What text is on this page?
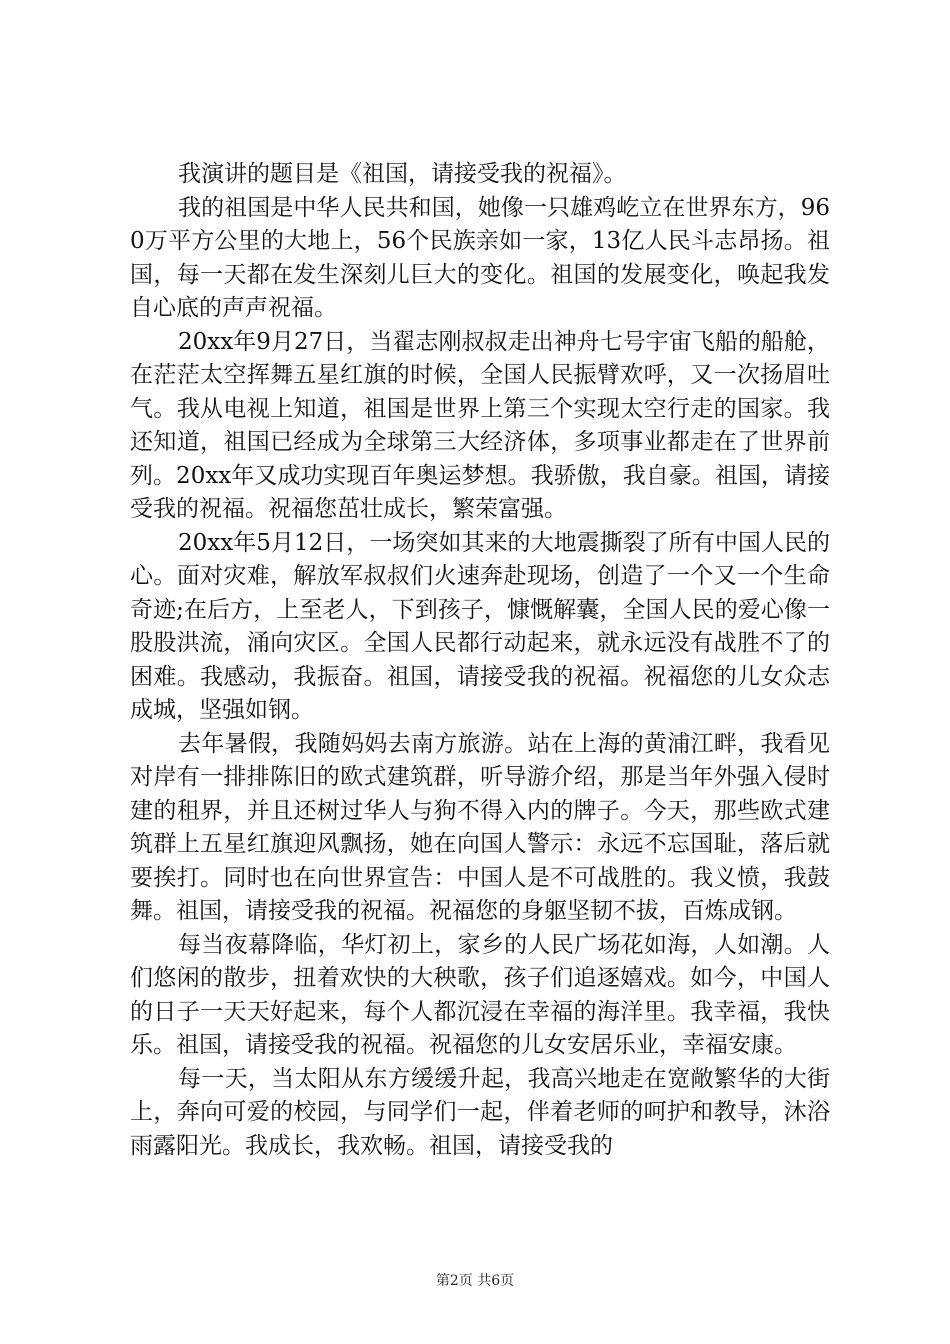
我演讲的题目是《祖国，请接受我的祝福》。

我的祖国是中华人民共和国，她像一只雄鸡屹立在世界东方，960万平方公里的大地上，56个民族亲如一家，13亿人民斗志昂扬。祖国，每一天都在发生深刻儿巨大的变化。祖国的发展变化，唤起我发自心底的声声祝福。

20xx年9月27日，当翟志刚叔叔走出神舟七号宇宙飞船的船舱，在茫茫太空挥舞五星红旗的时候，全国人民振臂欢呼，又一次扬眉吐气。我从电视上知道，祖国是世界上第三个实现太空行走的国家。我还知道，祖国已经成为全球第三大经济体，多项事业都走在了世界前列。20xx年又成功实现百年奥运梦想。我骄傲，我自豪。祖国，请接受我的祝福。祝福您茁壮成长，繁荣富强。

20xx年5月12日，一场突如其来的大地震撕裂了所有中国人民的心。面对灾难，解放军叔叔们火速奔赴现场，创造了一个又一个生命奇迹;在后方，上至老人，下到孩子，慷慨解囊，全国人民的爱心像一股股洪流，涌向灾区。全国人民都行动起来，就永远没有战胜不了的困难。我感动，我振奋。祖国，请接受我的祝福。祝福您的儿女众志成城，坚强如钢。

去年暑假，我随妈妈去南方旅游。站在上海的黄浦江畔，我看见对岸有一排排陈旧的欧式建筑群，听导游介绍，那是当年外强入侵时建的租界，并且还树过华人与狗不得入内的牌子。今天，那些欧式建筑群上五星红旗迎风飘扬，她在向国人警示：永远不忘国耻，落后就要挨打。同时也在向世界宣告：中国人是不可战胜的。我义愤，我鼓舞。祖国，请接受我的祝福。祝福您的身躯坚韧不拔，百炼成钢。

每当夜幕降临，华灯初上，家乡的人民广场花如海，人如潮。人们悠闲的散步，扭着欢快的大秧歌，孩子们追逐嬉戏。如今，中国人的日子一天天好起来，每个人都沉浸在幸福的海洋里。我幸福，我快乐。祖国，请接受我的祝福。祝福您的儿女安居乐业，幸福安康。

每一天，当太阳从东方缓缓升起，我高兴地走在宽敞繁华的大街上，奔向可爱的校园，与同学们一起，伴着老师的呵护和教导，沐浴雨露阳光。我成长，我欢畅。祖国，请接受我的

第2页 共6页
